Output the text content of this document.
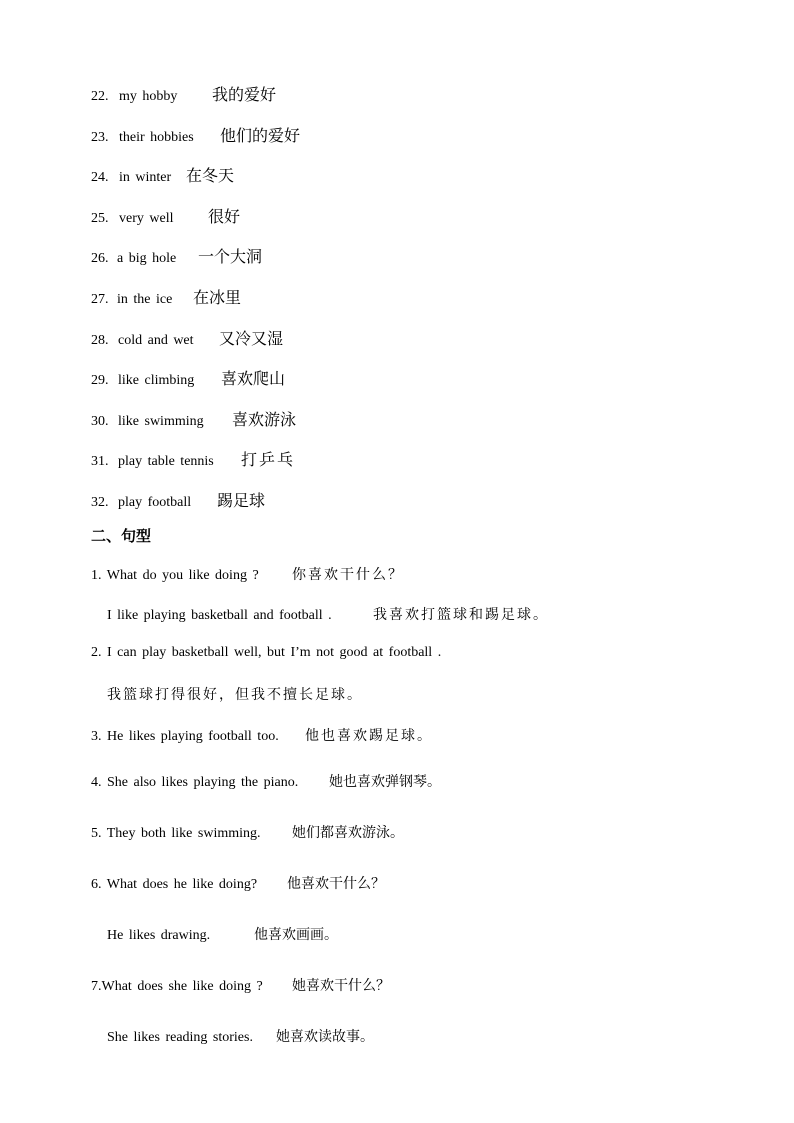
22. my hobby	我的爱好
23. their hobbies	他们的爱好
24. in winter 在冬天
25. very well	很好
26. a big hole	一个大洞
27. in the ice	在冰里
28. cold and wet	又冷又湿
29. like climbing	喜欢爬山
30. like swimming	喜欢游泳
31. play table tennis	打乒乓
32. play football	踢足球
二、句型
1. What do you like doing ?	你喜欢干什么？
I like playing basketball and football .	我喜欢打篮球和踢足球。
2. I can play basketball well, but I’m not good at football .
我篮球打得很好，但我不擅长足球。
3. He likes playing football too.	他也喜欢踢足球。
4. She also likes playing the piano.	她也喜欢弹钢琴。
5. They both like swimming.	她们都喜欢游泳。
6. What does he like doing?	他喜欢干什么？
He likes drawing.	他喜欢画画。
7.What does she like doing ?	她喜欢干什么？
She likes reading stories.	她喜欢读故事。
